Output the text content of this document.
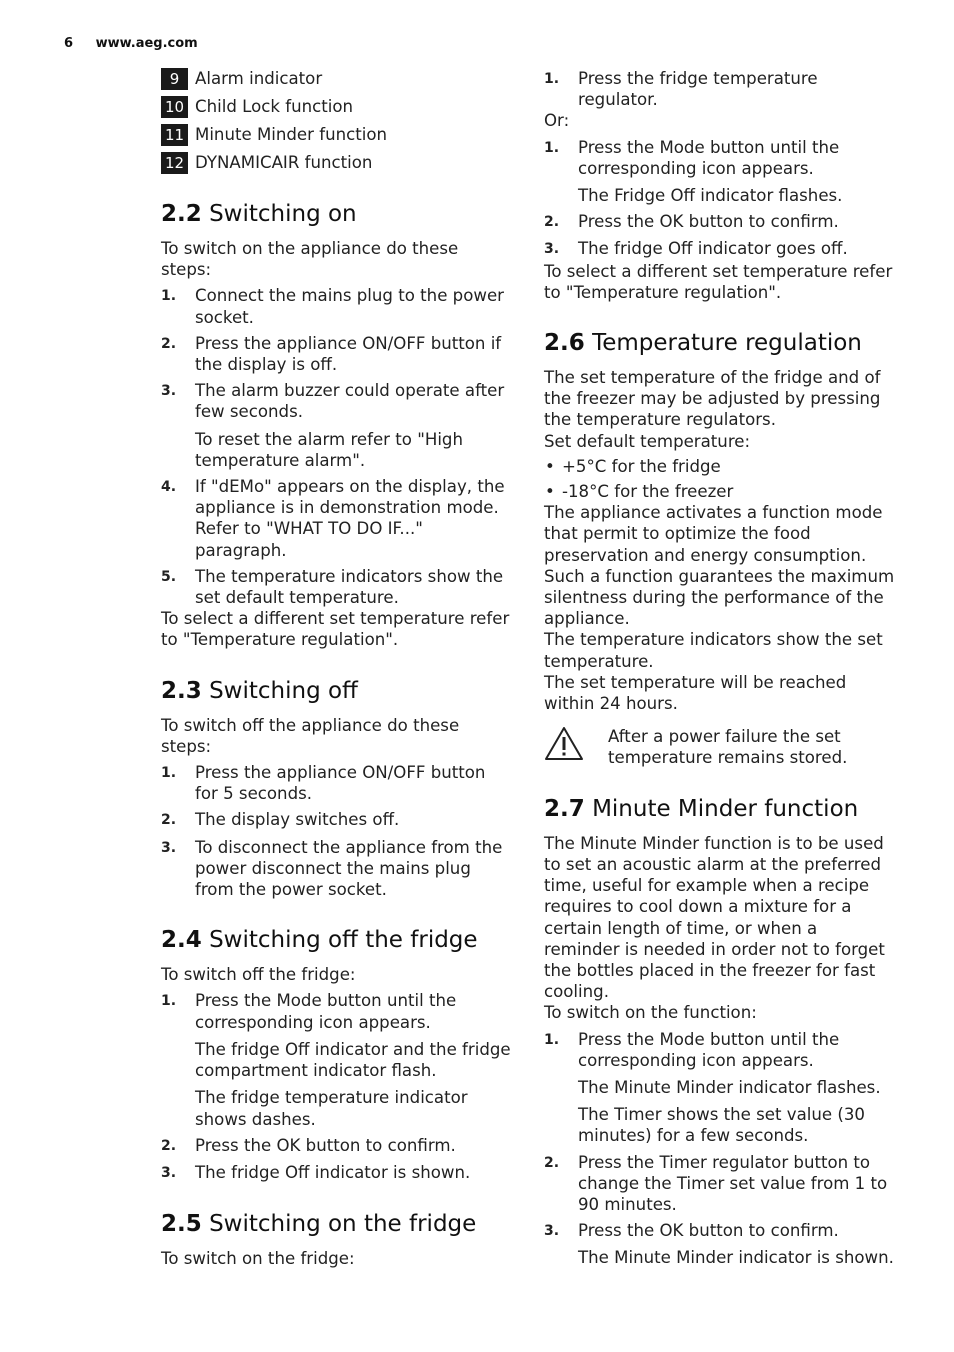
6 www.aeg.com
9 Alarm indicator
10 Child Lock function
11 Minute Minder function
12 DYNAMICAIR function
2.2 Switching on

To switch on the appliance do these steps:

1.	Connect the mains plug to the power socket.
2.	Press the appliance ON/OFF button if the display is off.
3.	The alarm buzzer could operate after few seconds.
To reset the alarm refer to "High temperature alarm".
4.	If "dEMo" appears on the display, the appliance is in demonstration mode. Refer to "WHAT TO DO IF..." paragraph.
5.	The temperature indicators show the set default temperature.

To select a different set temperature refer to "Temperature regulation".

2.3 Switching off

To switch off the appliance do these steps:

1.	Press the appliance ON/OFF button for 5 seconds.
2.	The display switches off.
3.	To disconnect the appliance from the power disconnect the mains plug from the power socket.
2.4 Switching off the fridge

To switch off the fridge:

1.	Press the Mode button until the corresponding icon appears.
The fridge Off indicator and the fridge compartment indicator flash.
The fridge temperature indicator shows dashes.
2.	Press the OK button to confirm.
3.	The fridge Off indicator is shown.
2.5 Switching on the fridge

To switch on the fridge:

1.	Press the fridge temperature regulator.

Or:

1.	Press the Mode button until the corresponding icon appears.
The Fridge Off indicator flashes.
2.	Press the OK button to confirm.
3.	The fridge Off indicator goes off.

To select a different set temperature refer to "Temperature regulation".

2.6 Temperature regulation

The set temperature of the fridge and of the freezer may be adjusted by pressing the temperature regulators.

Set default temperature:

• +5°C for the fridge
• -18°C for the freezer

The appliance activates a function mode that permit to optimize the food preservation and energy consumption.

Such a function guarantees the maximum silentness during the performance of the appliance.

The temperature indicators show the set temperature.

The set temperature will be reached within 24 hours.

After a power failure the set temperature remains stored.
2.7 Minute Minder function

The Minute Minder function is to be used to set an acoustic alarm at the preferred time, useful for example when a recipe requires to cool down a mixture for a certain length of time, or when a reminder is needed in order not to forget the bottles placed in the freezer for fast cooling.

To switch on the function:

1.	Press the Mode button until the corresponding icon appears.
The Minute Minder indicator flashes.
The Timer shows the set value (30 minutes) for a few seconds.
2.	Press the Timer regulator button to change the Timer set value from 1 to 90 minutes.
3.	Press the OK button to confirm.
The Minute Minder indicator is shown.
